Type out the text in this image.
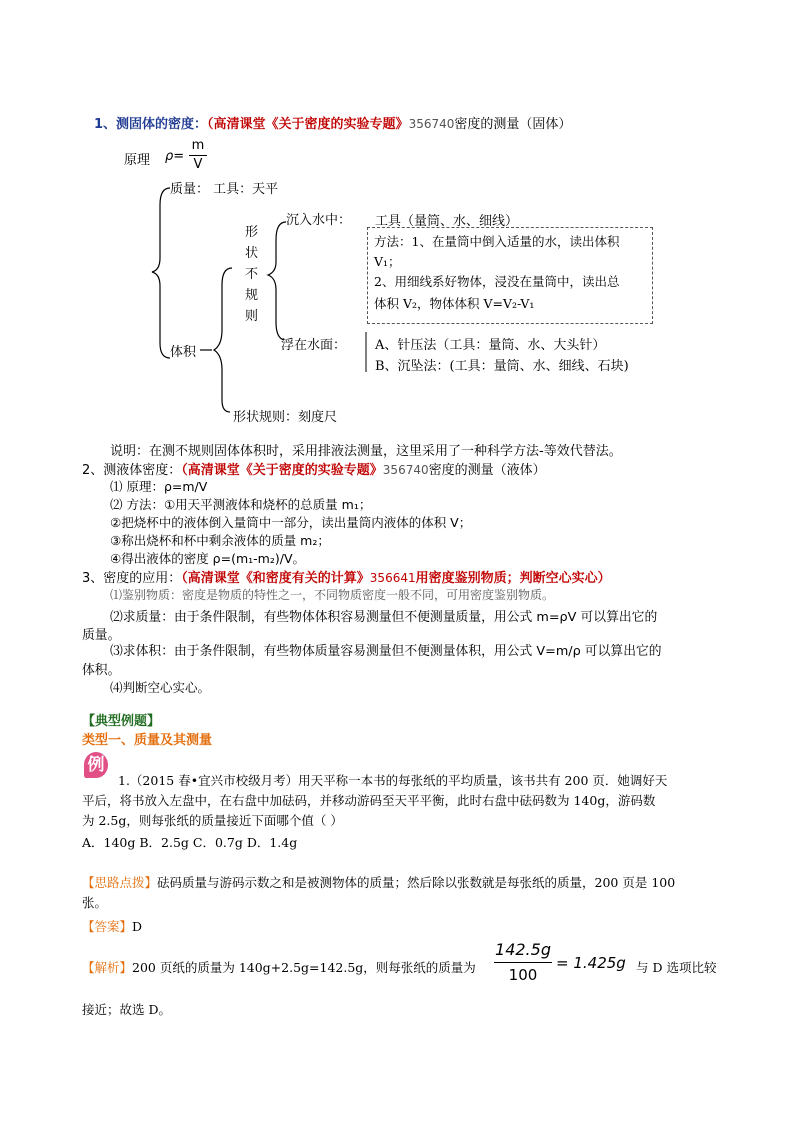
1、测固体的密度：（高清课堂《关于密度的实验专题》356740密度的测量（固体）
原理 ρ=
m
V
质量： 工具：天平
体积
形
状
不
规
则
沉入水中： 工具（量筒、水、细线）
方法：1、在量筒中倒入适量的水，读出体积
V₁；
2、用细线系好物体，浸没在量筒中，读出总
体积 V₂，物体体积 V=V₂-V₁
浮在水面： A、针压法（工具：量筒、水、大头针）
B、沉坠法：(工具：量筒、水、细线、石块)
形状规则：刻度尺
说明：在测不规则固体体积时，采用排液法测量，这里采用了一种科学方法-等效代替法。
2、测液体密度：（高清课堂《关于密度的实验专题》356740密度的测量（液体）
⑴ 原理：ρ=m/V
⑵ 方法：①用天平测液体和烧杯的总质量 m₁；
②把烧杯中的液体倒入量筒中一部分，读出量筒内液体的体积 V；
③称出烧杯和杯中剩余液体的质量 m₂；
④得出液体的密度 ρ=(m₁-m₂)/V。
3、密度的应用：（高清课堂《和密度有关的计算》356641用密度鉴别物质；判断空心实心）
⑴鉴别物质：密度是物质的特性之一，不同物质密度一般不同，可用密度鉴别物质。
⑵求质量：由于条件限制，有些物体体积容易测量但不便测量质量，用公式 m=ρV 可以算出它的
质量。
⑶求体积：由于条件限制，有些物体质量容易测量但不便测量体积，用公式 V=m/ρ 可以算出它的
体积。
⑷判断空心实心。
【典型例题】
类型一、质量及其测量
例
1.（2015 春•宜兴市校级月考）用天平称一本书的每张纸的平均质量，该书共有 200 页．她调好天
平后，将书放入左盘中，在右盘中加砝码，并移动游码至天平平衡，此时右盘中砝码数为 140g，游码数
为 2.5g，则每张纸的质量接近下面哪个值（ ）
A．140g B．2.5g C．0.7g D．1.4g
【思路点拨】砝码质量与游码示数之和是被测物体的质量；然后除以张数就是每张纸的质量，200 页是 100
张。
【答案】D
【解析】200 页纸的质量为 140g+2.5g=142.5g，则每张纸的质量为
142.5g
100
= 1.425g 与 D 选项比较
接近；故选 D。
